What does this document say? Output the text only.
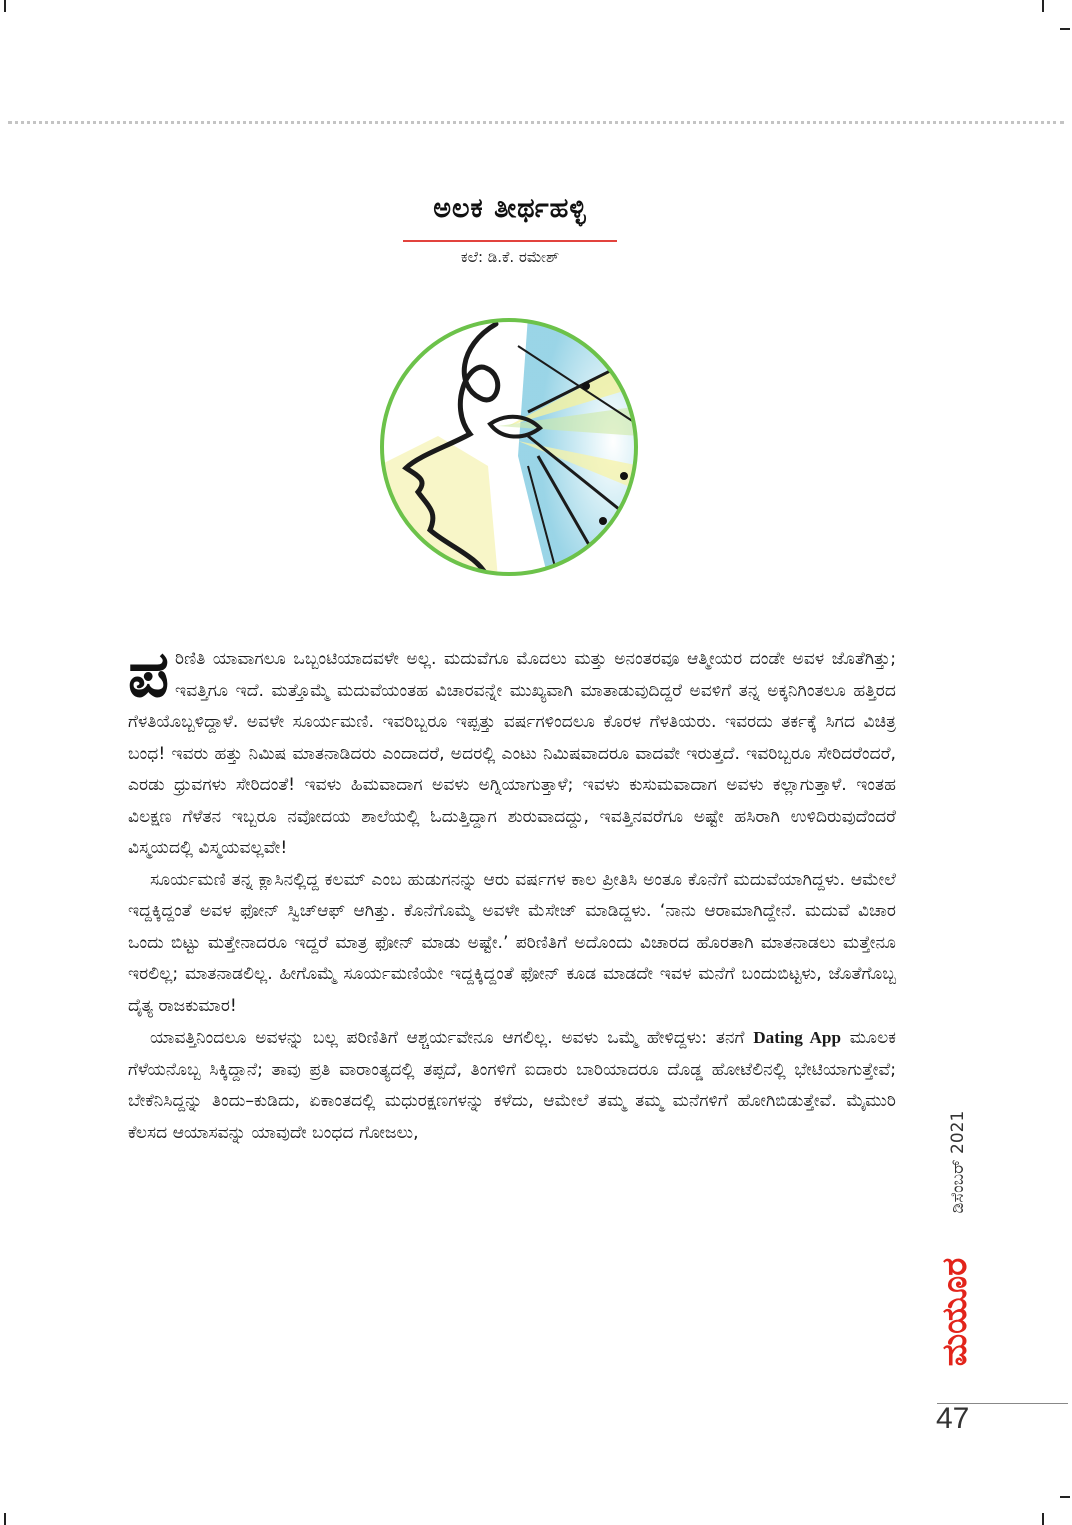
ಅಲಕ ತೀರ್ಥಹಳ್ಳಿ
ಕಲೆ: ಡಿ.ಕೆ. ರಮೇಶ್

ಪರಿಣಿತಿ ಯಾವಾಗಲೂ ಒಬ್ಬಂಟಿಯಾದವಳೇ ಅಲ್ಲ. ಮದುವೆಗೂ ಮೊದಲು ಮತ್ತು ಅನಂತರವೂ ಆತ್ಮೀಯರ ದಂಡೇ ಅವಳ ಜೊತೆಗಿತ್ತು; ಇವತ್ತಿಗೂ ಇದೆ. ಮತ್ತೊಮ್ಮೆ ಮದುವೆಯಂತಹ ವಿಚಾರವನ್ನೇ ಮುಖ್ಯವಾಗಿ ಮಾತಾಡುವುದಿದ್ದರೆ ಅವಳಿಗೆ ತನ್ನ ಅಕ್ಕನಿಗಿಂತಲೂ ಹತ್ತಿರದ ಗೆಳತಿಯೊಬ್ಬಳಿದ್ದಾಳೆ. ಅವಳೇ ಸೂರ್ಯಮಣಿ. ಇವರಿಬ್ಬರೂ ಇಪ್ಪತ್ತು ವರ್ಷಗಳಿಂದಲೂ ಕೊರಳ ಗೆಳತಿಯರು. ಇವರದು ತರ್ಕಕ್ಕೆ ಸಿಗದ ವಿಚಿತ್ರ ಬಂಧ! ಇವರು ಹತ್ತು ನಿಮಿಷ ಮಾತನಾಡಿದರು ಎಂದಾದರೆ, ಅದರಲ್ಲಿ ಎಂಟು ನಿಮಿಷವಾದರೂ ವಾದವೇ ಇರುತ್ತದೆ. ಇವರಿಬ್ಬರೂ ಸೇರಿದರೆಂದರೆ, ಎರಡು ಧ್ರುವಗಳು ಸೇರಿದಂತೆ! ಇವಳು ಹಿಮವಾದಾಗ ಅವಳು ಅಗ್ನಿಯಾಗುತ್ತಾಳೆ; ಇವಳು ಕುಸುಮವಾದಾಗ ಅವಳು ಕಲ್ಲಾಗುತ್ತಾಳೆ. ಇಂತಹ ವಿಲಕ್ಷಣ ಗೆಳೆತನ ಇಬ್ಬರೂ ನವೋದಯ ಶಾಲೆಯಲ್ಲಿ ಓದುತ್ತಿದ್ದಾಗ ಶುರುವಾದದ್ದು, ಇವತ್ತಿನವರೆಗೂ ಅಷ್ಟೇ ಹಸಿರಾಗಿ ಉಳಿದಿರುವುದೆಂದರೆ ವಿಸ್ಮಯದಲ್ಲಿ ವಿಸ್ಮಯವಲ್ಲವೇ!

ಸೂರ್ಯಮಣಿ ತನ್ನ ಕ್ಲಾಸಿನಲ್ಲಿದ್ದ ಕಲಮ್ ಎಂಬ ಹುಡುಗನನ್ನು ಆರು ವರ್ಷಗಳ ಕಾಲ ಪ್ರೀತಿಸಿ ಅಂತೂ ಕೊನೆಗೆ ಮದುವೆಯಾಗಿದ್ದಳು. ಆಮೇಲೆ ಇದ್ದಕ್ಕಿದ್ದಂತೆ ಅವಳ ಫೋನ್ ಸ್ವಿಚ್‌ಆಫ್ ಆಗಿತ್ತು. ಕೊನೆಗೊಮ್ಮೆ ಅವಳೇ ಮೆಸೇಜ್ ಮಾಡಿದ್ದಳು. ‘ನಾನು ಆರಾಮಾಗಿದ್ದೇನೆ. ಮದುವೆ ವಿಚಾರ ಒಂದು ಬಿಟ್ಟು ಮತ್ತೇನಾದರೂ ಇದ್ದರೆ ಮಾತ್ರ ಫೋನ್ ಮಾಡು ಅಷ್ಟೇ.’ ಪರಿಣಿತಿಗೆ ಅದೊಂದು ವಿಚಾರದ ಹೊರತಾಗಿ ಮಾತನಾಡಲು ಮತ್ತೇನೂ ಇರಲಿಲ್ಲ; ಮಾತನಾಡಲಿಲ್ಲ. ಹೀಗೊಮ್ಮೆ ಸೂರ್ಯಮಣಿಯೇ ಇದ್ದಕ್ಕಿದ್ದಂತೆ ಫೋನ್ ಕೂಡ ಮಾಡದೇ ಇವಳ ಮನೆಗೆ ಬಂದುಬಿಟ್ಟಳು, ಜೊತೆಗೊಬ್ಬ ದೈತ್ಯ ರಾಜಕುಮಾರ!

ಯಾವತ್ತಿನಿಂದಲೂ ಅವಳನ್ನು ಬಲ್ಲ ಪರಿಣಿತಿಗೆ ಆಶ್ಚರ್ಯವೇನೂ ಆಗಲಿಲ್ಲ. ಅವಳು ಒಮ್ಮೆ ಹೇಳಿದ್ದಳು: ತನಗೆ Dating App ಮೂಲಕ ಗೆಳೆಯನೊಬ್ಬ ಸಿಕ್ಕಿದ್ದಾನೆ; ತಾವು ಪ್ರತಿ ವಾರಾಂತ್ಯದಲ್ಲಿ ತಪ್ಪದೆ, ತಿಂಗಳಿಗೆ ಐದಾರು ಬಾರಿಯಾದರೂ ದೊಡ್ಡ ಹೋಟೆಲಿನಲ್ಲಿ ಭೇಟಿಯಾಗುತ್ತೇವೆ; ಬೇಕೆನಿಸಿದ್ದನ್ನು ತಿಂದು–ಕುಡಿದು, ಏಕಾಂತದಲ್ಲಿ ಮಧುರಕ್ಷಣಗಳನ್ನು ಕಳೆದು, ಆಮೇಲೆ ತಮ್ಮ ತಮ್ಮ ಮನೆಗಳಿಗೆ ಹೋಗಿಬಿಡುತ್ತೇವೆ. ಮೈಮುರಿ ಕೆಲಸದ ಆಯಾಸವನ್ನು ಯಾವುದೇ ಬಂಧದ ಗೋಜಲು,	ಡಿಸೆಂಬರ್ 2021
ಮಯೂರ
47
